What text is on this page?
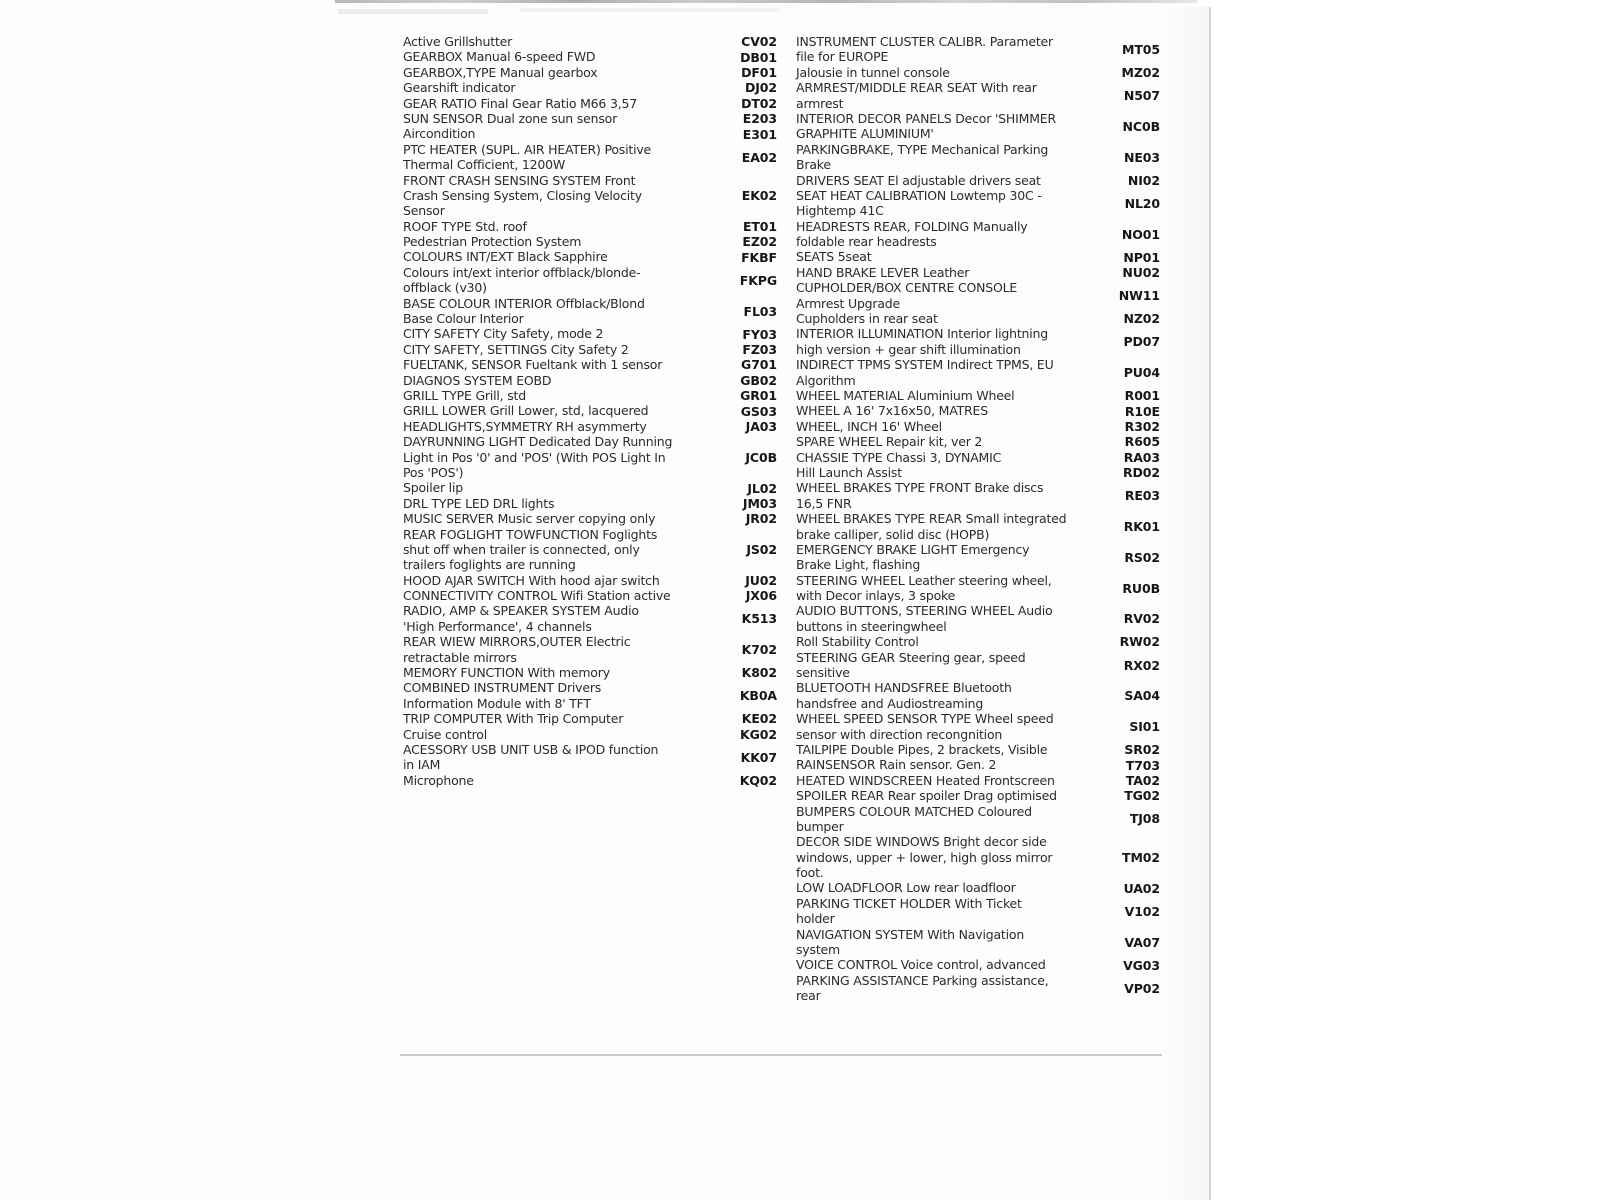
Active Grillshutter	CV02
GEARBOX Manual 6-speed FWD	DB01
GEARBOX,TYPE Manual gearbox	DF01
Gearshift indicator	DJ02
GEAR RATIO Final Gear Ratio M66 3,57	DT02
SUN SENSOR Dual zone sun sensor	E203
Aircondition	E301
PTC HEATER (SUPL. AIR HEATER) Positive
Thermal Cofficient, 1200W	EA02
FRONT CRASH SENSING SYSTEM Front
Crash Sensing System, Closing Velocity
Sensor
EK02
ROOF TYPE Std. roof	ET01
Pedestrian Protection System	EZ02
COLOURS INT/EXT Black Sapphire	FKBF
Colours int/ext interior offblack/blonde-
offblack (v30)	FKPG
BASE COLOUR INTERIOR Offblack/Blond
Base Colour Interior	FL03
CITY SAFETY City Safety, mode 2	FY03
CITY SAFETY, SETTINGS City Safety 2	FZ03
FUELTANK, SENSOR Fueltank with 1 sensor	G701
DIAGNOS SYSTEM EOBD	GB02
GRILL TYPE Grill, std	GR01
GRILL LOWER Grill Lower, std, lacquered	GS03
HEADLIGHTS,SYMMETRY RH asymmerty	JA03
DAYRUNNING LIGHT Dedicated Day Running
Light in Pos '0' and 'POS' (With POS Light In
Pos 'POS')
JC0B
Spoiler lip	JL02
DRL TYPE LED DRL lights	JM03
MUSIC SERVER Music server copying only	JR02
REAR FOGLIGHT TOWFUNCTION Foglights
shut off when trailer is connected, only
trailers foglights are running
JS02
HOOD AJAR SWITCH With hood ajar switch	JU02
CONNECTIVITY CONTROL Wifi Station active	JX06
RADIO, AMP & SPEAKER SYSTEM Audio
'High Performance', 4 channels	K513
REAR WIEW MIRRORS,OUTER Electric
retractable mirrors	K702
MEMORY FUNCTION With memory	K802
COMBINED INSTRUMENT Drivers
Information Module with 8' TFT	KB0A
TRIP COMPUTER With Trip Computer	KE02
Cruise control	KG02
ACESSORY USB UNIT USB & IPOD function
in IAM	KK07
Microphone	KQ02
INSTRUMENT CLUSTER CALIBR. Parameter
file for EUROPE	MT05
Jalousie in tunnel console	MZ02
ARMREST/MIDDLE REAR SEAT With rear
armrest	N507
INTERIOR DECOR PANELS Decor 'SHIMMER
GRAPHITE ALUMINIUM'	NC0B
PARKINGBRAKE, TYPE Mechanical Parking
Brake	NE03
DRIVERS SEAT El adjustable drivers seat	NI02
SEAT HEAT CALIBRATION Lowtemp 30C -
Hightemp 41C	NL20
HEADRESTS REAR, FOLDING Manually
foldable rear headrests	NO01
SEATS 5seat	NP01
HAND BRAKE LEVER Leather	NU02
CUPHOLDER/BOX CENTRE CONSOLE
Armrest Upgrade	NW11
Cupholders in rear seat	NZ02
INTERIOR ILLUMINATION Interior lightning
high version + gear shift illumination	PD07
INDIRECT TPMS SYSTEM Indirect TPMS, EU
Algorithm	PU04
WHEEL MATERIAL Aluminium Wheel	R001
WHEEL A 16' 7x16x50, MATRES	R10E
WHEEL, INCH 16' Wheel	R302
SPARE WHEEL Repair kit, ver 2	R605
CHASSIE TYPE Chassi 3, DYNAMIC	RA03
Hill Launch Assist	RD02
WHEEL BRAKES TYPE FRONT Brake discs
16,5 FNR	RE03
WHEEL BRAKES TYPE REAR Small integrated
brake calliper, solid disc (HOPB)	RK01
EMERGENCY BRAKE LIGHT Emergency
Brake Light, flashing	RS02
STEERING WHEEL Leather steering wheel,
with Decor inlays, 3 spoke	RU0B
AUDIO BUTTONS, STEERING WHEEL Audio
buttons in steeringwheel	RV02
Roll Stability Control	RW02
STEERING GEAR Steering gear, speed
sensitive	RX02
BLUETOOTH HANDSFREE Bluetooth
handsfree and Audiostreaming	SA04
WHEEL SPEED SENSOR TYPE Wheel speed
sensor with direction recongnition	SI01
TAILPIPE Double Pipes, 2 brackets, Visible	SR02
RAINSENSOR Rain sensor. Gen. 2	T703
HEATED WINDSCREEN Heated Frontscreen	TA02
SPOILER REAR Rear spoiler Drag optimised	TG02
BUMPERS COLOUR MATCHED Coloured
bumper	TJ08
DECOR SIDE WINDOWS Bright decor side
windows, upper + lower, high gloss mirror
foot.
TM02
LOW LOADFLOOR Low rear loadfloor	UA02
PARKING TICKET HOLDER With Ticket
holder	V102
NAVIGATION SYSTEM With Navigation
system	VA07
VOICE CONTROL Voice control, advanced	VG03
PARKING ASSISTANCE Parking assistance,
rear	VP02
